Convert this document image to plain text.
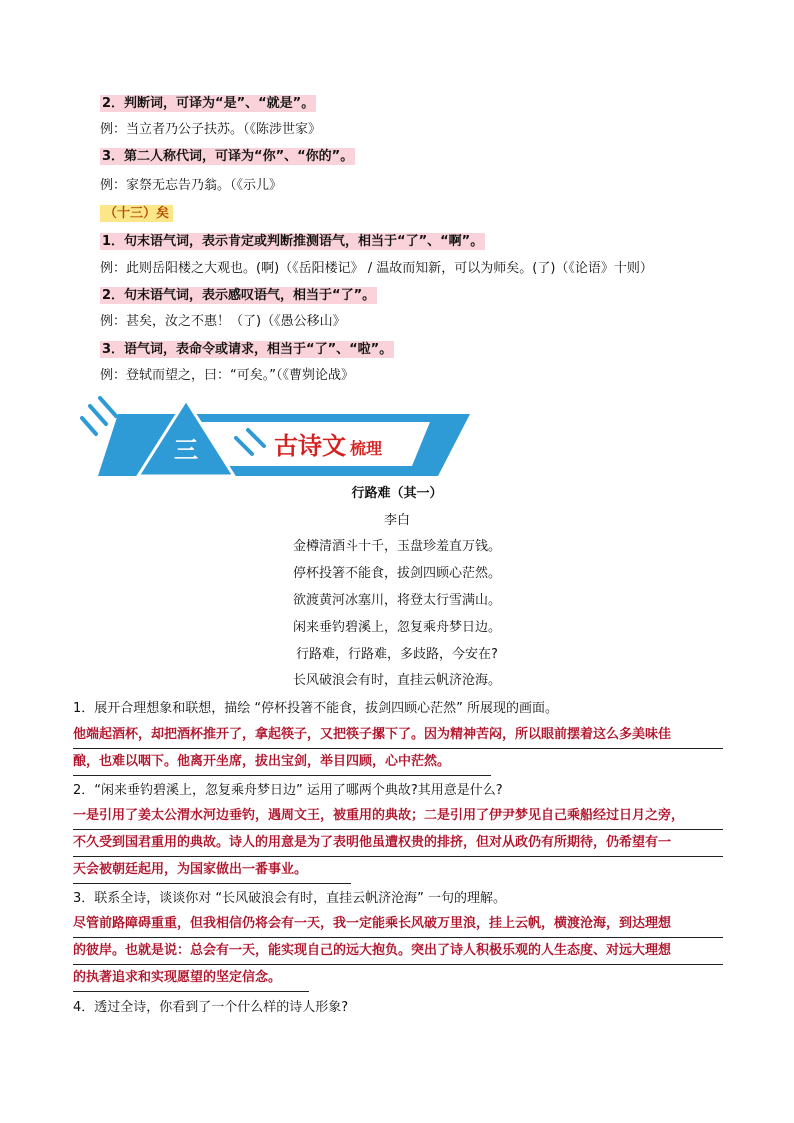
2．判断词，可译为“是”、“就是”。
例：当立者乃公子扶苏。（《陈涉世家》
3．第二人称代词，可译为“你”、“你的”。
例：家祭无忘告乃翁。（《示儿》
（十三）矣
1．句末语气词，表示肯定或判断推测语气，相当于“了”、“啊”。
例：此则岳阳楼之大观也。(啊)（《岳阳楼记》 / 温故而知新，可以为师矣。(了)（《论语》十则）
2．句末语气词，表示感叹语气，相当于“了”。
例：甚矣，汝之不惠！（了)（《愚公移山》
3．语气词，表命令或请求，相当于“了”、“啦”。
例：登轼而望之，曰：“可矣。”（《曹刿论战》
三	古诗文 梳理
行路难（其一）
李白
金樽清酒斗十千，玉盘珍羞直万钱。
停杯投箸不能食，拔剑四顾心茫然。
欲渡黄河冰塞川，将登太行雪满山。
闲来垂钓碧溪上，忽复乘舟梦日边。
行路难，行路难，多歧路，今安在?
长风破浪会有时，直挂云帆济沧海。
1．展开合理想象和联想，描绘 “停杯投箸不能食，拔剑四顾心茫然” 所展现的画面。
他端起酒杯，却把酒杯推开了，拿起筷子，又把筷子摞下了。因为精神苦闷，所以眼前摆着这么多美味佳
酿，也难以咽下。他离开坐席，拔出宝剑，举目四顾，心中茫然。
2．“闲来垂钓碧溪上，忽复乘舟梦日边” 运用了哪两个典故?其用意是什么?
一是引用了姜太公渭水河边垂钓，遇周文王，被重用的典故；二是引用了伊尹梦见自己乘船经过日月之旁，
不久受到国君重用的典故。诗人的用意是为了表明他虽遭权贵的排挤，但对从政仍有所期待，仍希望有一
天会被朝廷起用，为国家做出一番事业。
3．联系全诗，谈谈你对 “长风破浪会有时，直挂云帆济沧海” 一句的理解。
尽管前路障碍重重，但我相信仍将会有一天，我一定能乘长风破万里浪，挂上云帆，横渡沧海，到达理想
的彼岸。也就是说：总会有一天，能实现自己的远大抱负。突出了诗人积极乐观的人生态度、对远大理想
的执著追求和实现愿望的坚定信念。
4．透过全诗，你看到了一个什么样的诗人形象?
